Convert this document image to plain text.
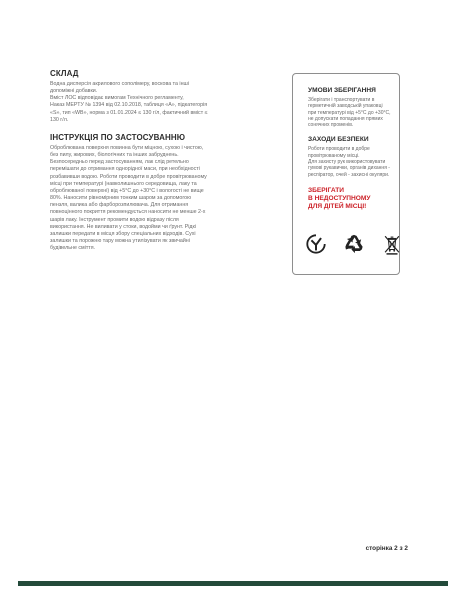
СКЛАД

Водна дисперсія акрилового сополімеру, воскова та інші
допоміжні добавки.
Вміст ЛОС відповідає вимогам Технічного регламенту,
Наказ МЕРТУ № 1394 від 02.10.2018, таблиця «А», підкатегорія
«S», тип «WB», норма з 01.01.2024 ≤ 130 г/л, фактичний вміст ≤
130 г/л.

ІНСТРУКЦІЯ ПО ЗАСТОСУВАННЮ

Оброблювана поверхня повинна бути міцною, сухою і чистою,
без пилу, жирових, біологічних та інших забруднень.
Безпосередньо перед застосуванням, лак слід ретельно
перемішати до отримання однорідної маси, при необхідності
розбавивши водою. Роботи проводити в добре провітрюваному
місці при температурі (навколишнього середовища, лаку та
оброблюваної поверхні) від +5°С до +30°С і вологості не вище
80%. Наносити рівномірним тонким шаром за допомогою
пензля, валика або фарборозпилювача. Для отримання
повноцінного покриття рекомендується наносити не менше 2-х
шарів лаку. Інструмент промити водою відразу після
використання. Не виливати у стоки, водойми чи ґрунт. Рідкі
залишки передати в місця збору спеціальних відходів. Сухі
залишки та порожню тару можна утилізувати як звичайні
будівельне сміття.

УМОВИ ЗБЕРІГАННЯ

Зберігати і транспортувати в
герметичній заводській упаковці
при температурі від +5°С до +30°С,
не допускати попадання прямих
сонячних променів.

ЗАХОДИ БЕЗПЕКИ

Роботи проводити в добре
провітрюваному місці.
Для захисту рук використовувати
гумові рукавички, органів дихання -
респіратор, очей - захисні окуляри.

ЗБЕРІГАТИ
В НЕДОСТУПНОМУ
ДЛЯ ДІТЕЙ МІСЦІ!
сторінка 2 з 2
